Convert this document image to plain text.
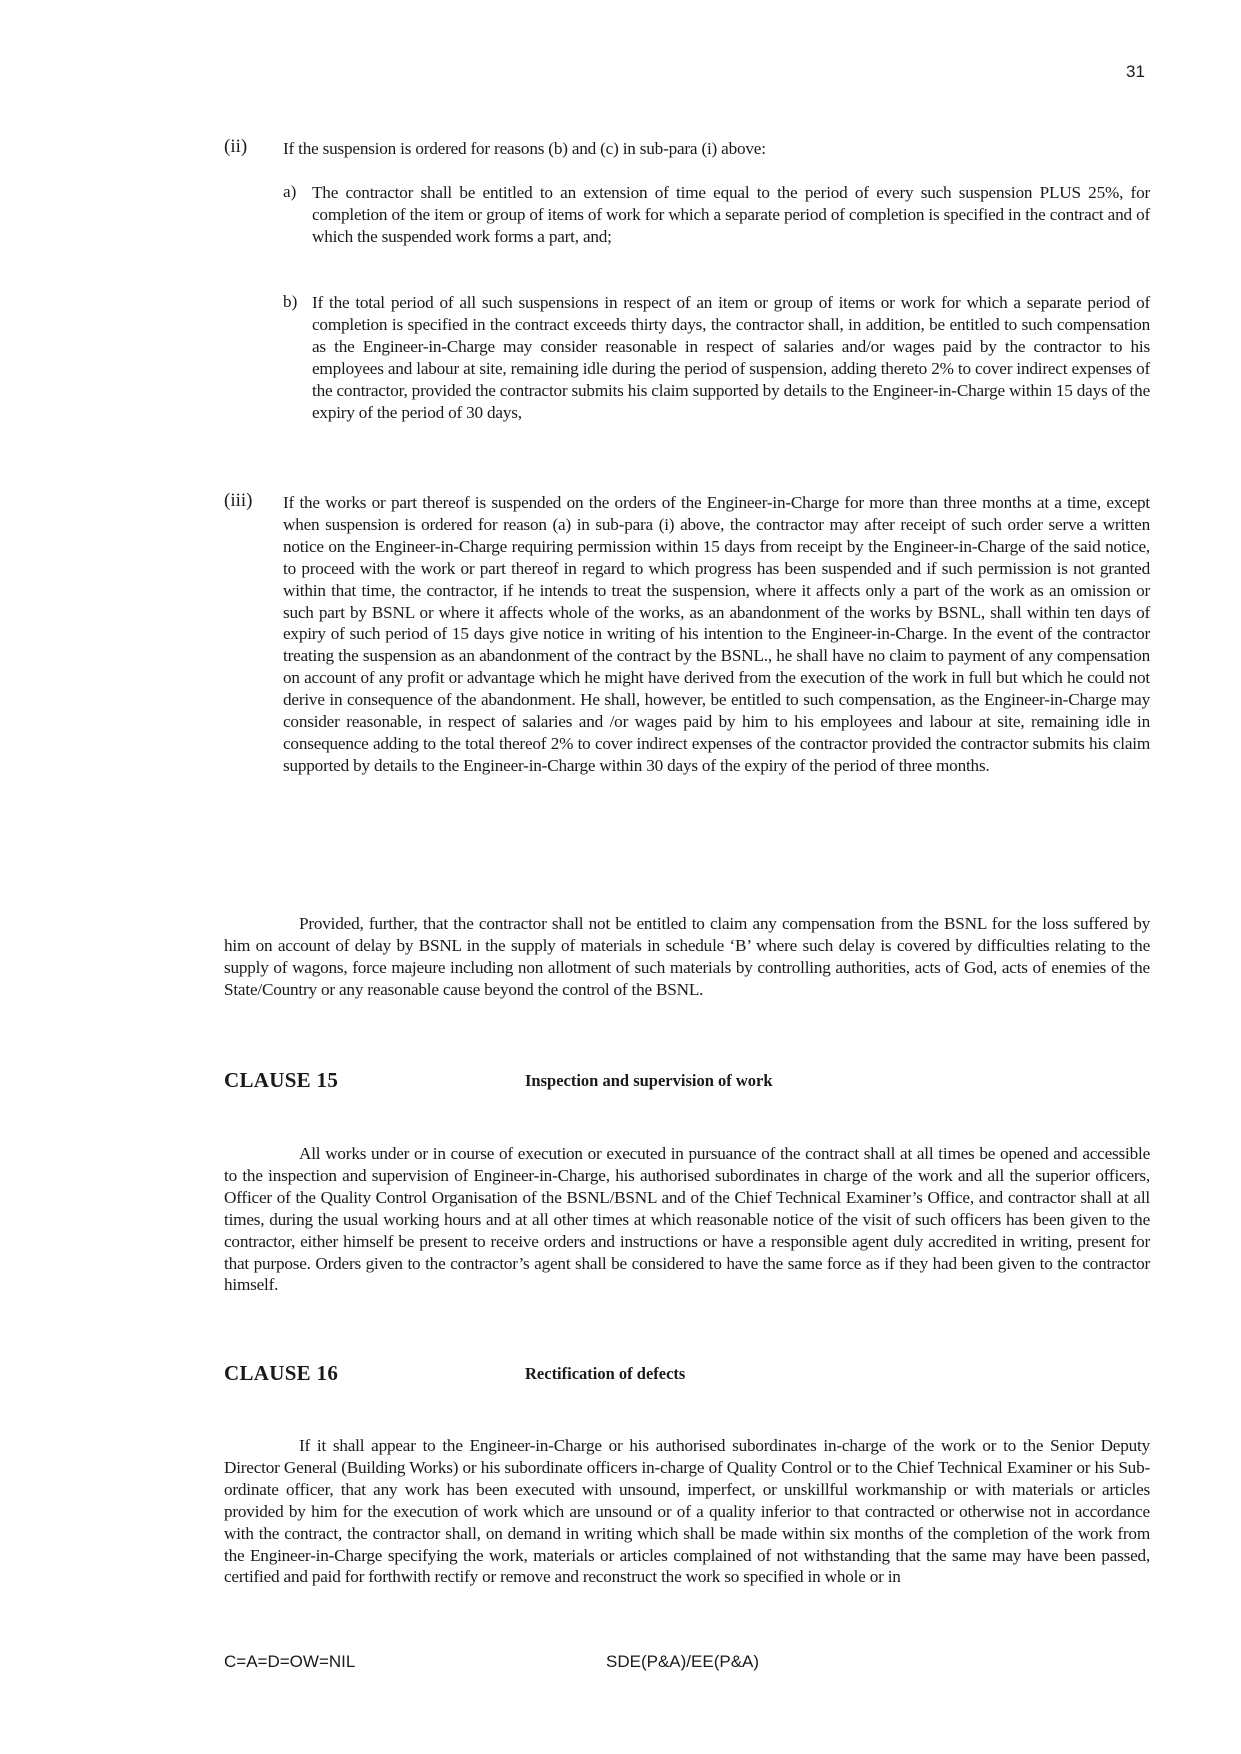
31
(ii) If the suspension is ordered for reasons (b) and (c) in sub-para (i) above:
a) The contractor shall be entitled to an extension of time equal to the period of every such suspension PLUS 25%, for completion of the item or group of items of work for which a separate period of completion is specified in the contract and of which the suspended work forms a part, and;
b) If the total period of all such suspensions in respect of an item or group of items or work for which a separate period of completion is specified in the contract exceeds thirty days, the contractor shall, in addition, be entitled to such compensation as the Engineer-in-Charge may consider reasonable in respect of salaries and/or wages paid by the contractor to his employees and labour at site, remaining idle during the period of suspension, adding thereto 2% to cover indirect expenses of the contractor, provided the contractor submits his claim supported by details to the Engineer-in-Charge within 15 days of the expiry of the period of 30 days,
(iii) If the works or part thereof is suspended on the orders of the Engineer-in-Charge for more than three months at a time, except when suspension is ordered for reason (a) in sub-para (i) above, the contractor may after receipt of such order serve a written notice on the Engineer-in-Charge requiring permission within 15 days from receipt by the Engineer-in-Charge of the said notice, to proceed with the work or part thereof in regard to which progress has been suspended and if such permission is not granted within that time, the contractor, if he intends to treat the suspension, where it affects only a part of the work as an omission or such part by BSNL or where it affects whole of the works, as an abandonment of the works by BSNL, shall within ten days of expiry of such period of 15 days give notice in writing of his intention to the Engineer-in-Charge. In the event of the contractor treating the suspension as an abandonment of the contract by the BSNL., he shall have no claim to payment of any compensation on account of any profit or advantage which he might have derived from the execution of the work in full but which he could not derive in consequence of the abandonment. He shall, however, be entitled to such compensation, as the Engineer-in-Charge may consider reasonable, in respect of salaries and /or wages paid by him to his employees and labour at site, remaining idle in consequence adding to the total thereof 2% to cover indirect expenses of the contractor provided the contractor submits his claim supported by details to the Engineer-in-Charge within 30 days of the expiry of the period of three months.
Provided, further, that the contractor shall not be entitled to claim any compensation from the BSNL for the loss suffered by him on account of delay by BSNL in the supply of materials in schedule ‘B’ where such delay is covered by difficulties relating to the supply of wagons, force majeure including non allotment of such materials by controlling authorities, acts of God, acts of enemies of the State/Country or any reasonable cause beyond the control of the BSNL.
CLAUSE 15	Inspection and supervision of work
All works under or in course of execution or executed in pursuance of the contract shall at all times be opened and accessible to the inspection and supervision of Engineer-in-Charge, his authorised subordinates in charge of the work and all the superior officers, Officer of the Quality Control Organisation of the BSNL/BSNL and of the Chief Technical Examiner’s Office, and contractor shall at all times, during the usual working hours and at all other times at which reasonable notice of the visit of such officers has been given to the contractor, either himself be present to receive orders and instructions or have a responsible agent duly accredited in writing, present for that purpose. Orders given to the contractor’s agent shall be considered to have the same force as if they had been given to the contractor himself.
CLAUSE 16	Rectification of defects
If it shall appear to the Engineer-in-Charge or his authorised subordinates in-charge of the work or to the Senior Deputy Director General (Building Works) or his subordinate officers in-charge of Quality Control or to the Chief Technical Examiner or his Sub-ordinate officer, that any work has been executed with unsound, imperfect, or unskillful workmanship or with materials or articles provided by him for the execution of work which are unsound or of a quality inferior to that contracted or otherwise not in accordance with the contract, the contractor shall, on demand in writing which shall be made within six months of the completion of the work from the Engineer-in-Charge specifying the work, materials or articles complained of not withstanding that the same may have been passed, certified and paid for forthwith rectify or remove and reconstruct the work so specified in whole or in
C=A=D=OW=NIL	SDE(P&A)/EE(P&A)
